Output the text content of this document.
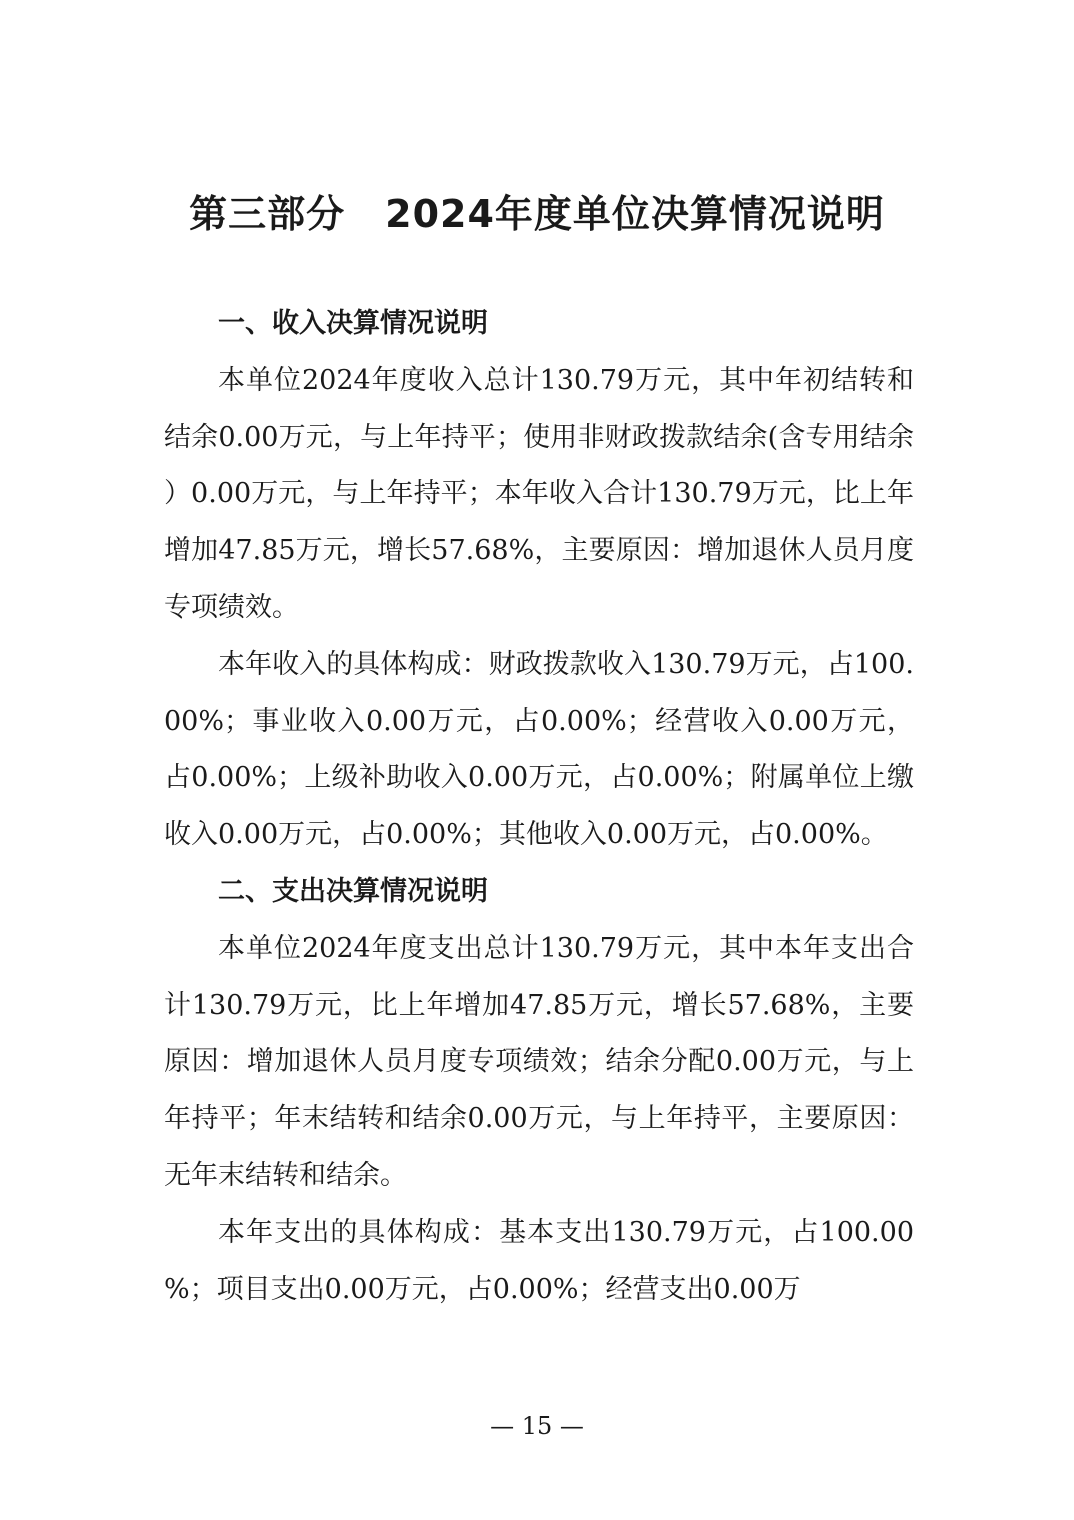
第三部分 2024年度单位决算情况说明

一、收入决算情况说明

本单位2024年度收入总计130.79万元，其中年初结转和结余0.00万元，与上年持平；使用非财政拨款结余(含专用结余）0.00万元，与上年持平；本年收入合计130.79万元，比上年增加47.85万元，增长57.68%，主要原因：增加退休人员月度专项绩效。

本年收入的具体构成：财政拨款收入130.79万元，占100.00%；事业收入0.00万元，占0.00%；经营收入0.00万元，占0.00%；上级补助收入0.00万元，占0.00%；附属单位上缴收入0.00万元，占0.00%；其他收入0.00万元，占0.00%。

二、支出决算情况说明

本单位2024年度支出总计130.79万元，其中本年支出合计130.79万元，比上年增加47.85万元，增长57.68%，主要原因：增加退休人员月度专项绩效；结余分配0.00万元，与上年持平；年末结转和结余0.00万元，与上年持平，主要原因：无年末结转和结余。

本年支出的具体构成：基本支出130.79万元，占100.00%；项目支出0.00万元，占0.00%；经营支出0.00万

— 15 —
